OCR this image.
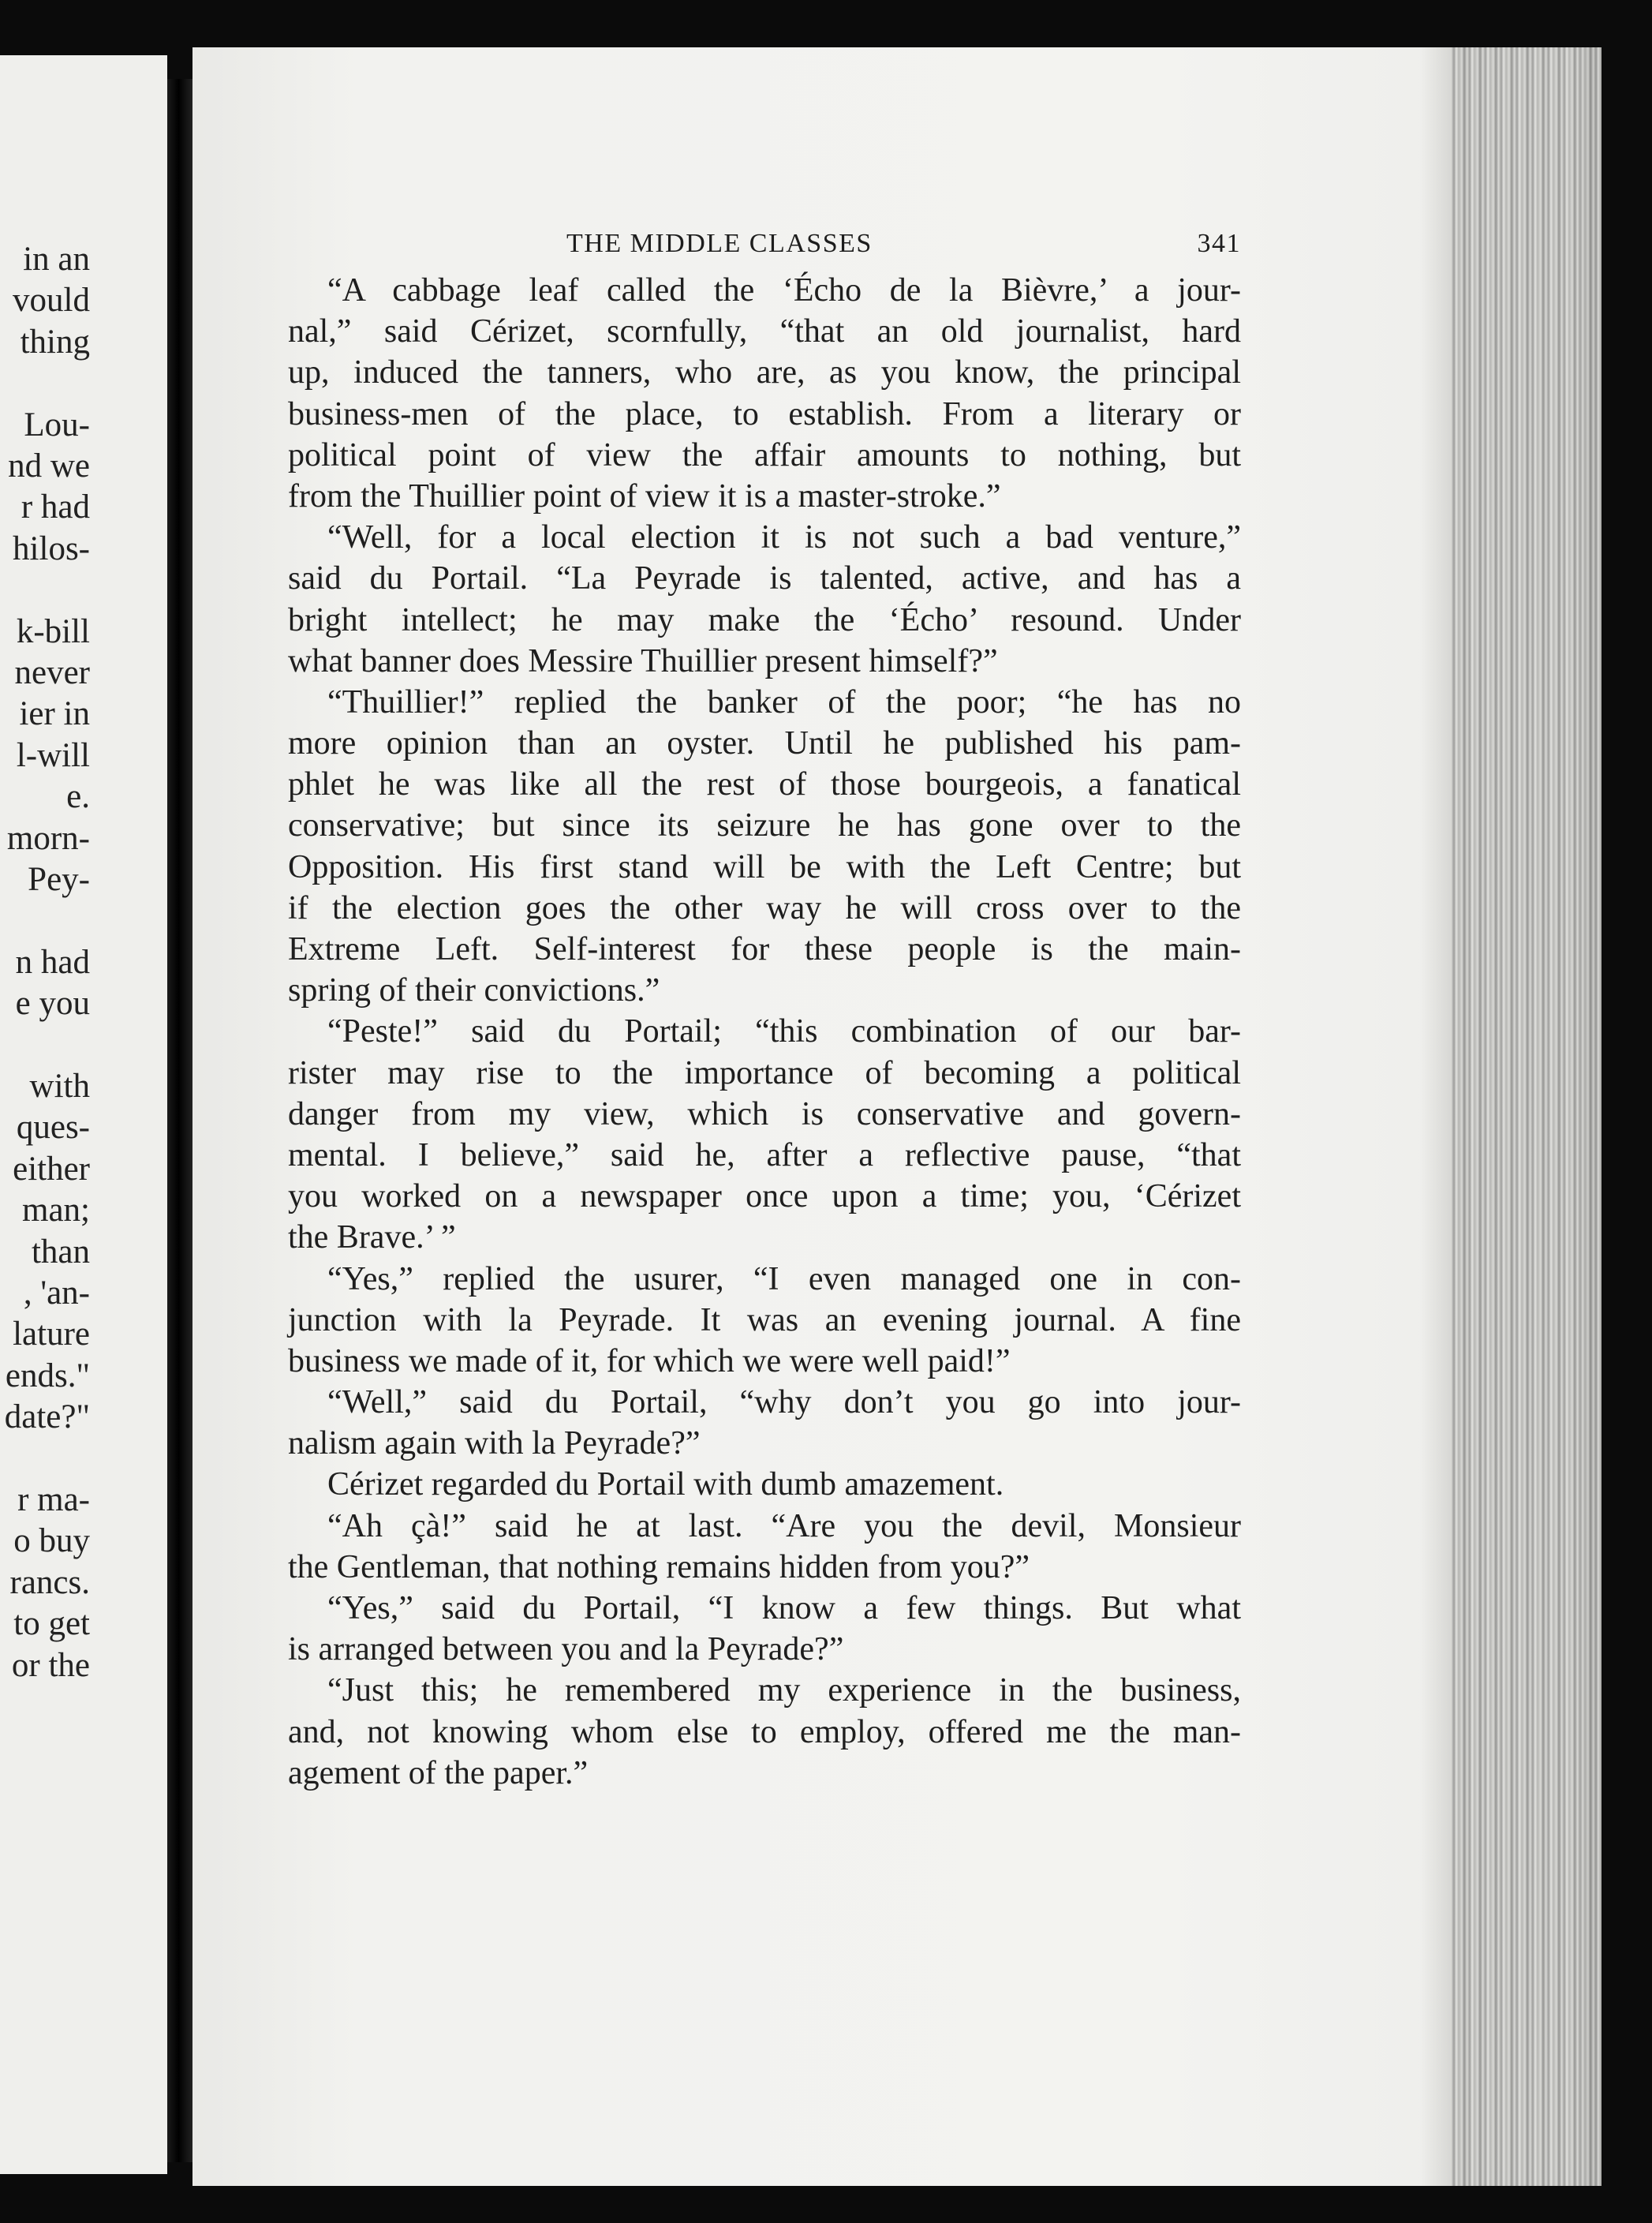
in an
vould
thing
Lou-
nd we
r had
hilos-
k-bill
never
ier in
l-will
e.
morn-
Pey-
n had
e you
with
ques-
either
man;
than
, 'an-
lature
ends."
date?"
r ma-
o buy
rancs.
to get
or the
THE MIDDLE CLASSES	341
“A cabbage leaf called the ‘Écho de la Bièvre,’ a jour-
nal,” said Cérizet, scornfully, “that an old journalist, hard
up, induced the tanners, who are, as you know, the principal
business-men of the place, to establish. From a literary or
political point of view the affair amounts to nothing, but
from the Thuillier point of view it is a master-stroke.”
“Well, for a local election it is not such a bad venture,”
said du Portail. “La Peyrade is talented, active, and has a
bright intellect; he may make the ‘Écho’ resound. Under
what banner does Messire Thuillier present himself?”
“Thuillier!” replied the banker of the poor; “he has no
more opinion than an oyster. Until he published his pam-
phlet he was like all the rest of those bourgeois, a fanatical
conservative; but since its seizure he has gone over to the
Opposition. His first stand will be with the Left Centre; but
if the election goes the other way he will cross over to the
Extreme Left. Self-interest for these people is the main-
spring of their convictions.”
“Peste!” said du Portail; “this combination of our bar-
rister may rise to the importance of becoming a political
danger from my view, which is conservative and govern-
mental. I believe,” said he, after a reflective pause, “that
you worked on a newspaper once upon a time; you, ‘Cérizet
the Brave.’ ”
“Yes,” replied the usurer, “I even managed one in con-
junction with la Peyrade. It was an evening journal. A fine
business we made of it, for which we were well paid!”
“Well,” said du Portail, “why don’t you go into jour-
nalism again with la Peyrade?”
Cérizet regarded du Portail with dumb amazement.
“Ah çà!” said he at last. “Are you the devil, Monsieur
the Gentleman, that nothing remains hidden from you?”
“Yes,” said du Portail, “I know a few things. But what
is arranged between you and la Peyrade?”
“Just this; he remembered my experience in the business,
and, not knowing whom else to employ, offered me the man-
agement of the paper.”
